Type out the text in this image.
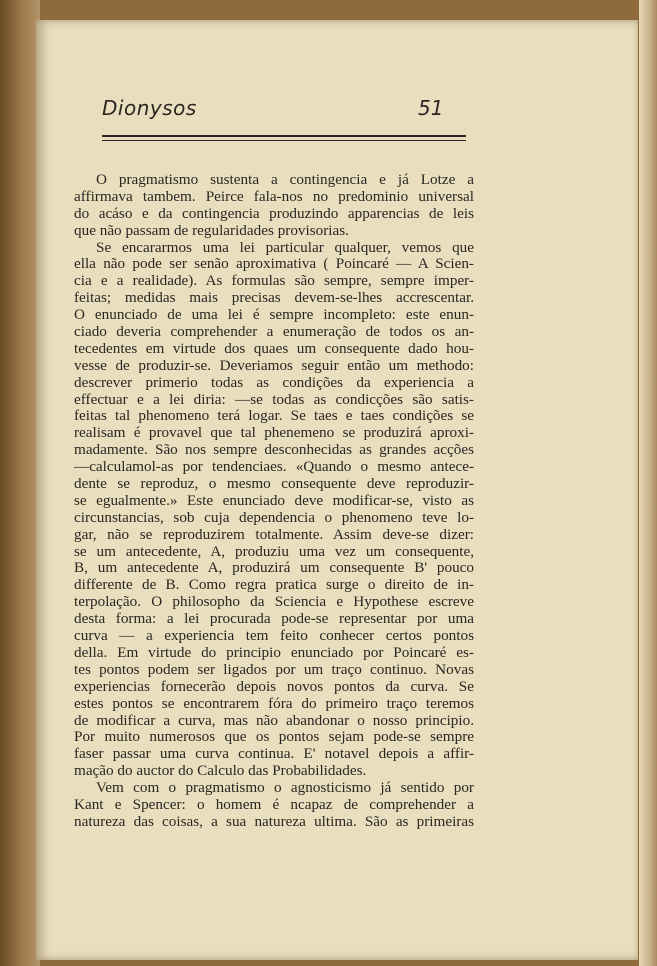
Dionysos	51
O pragmatismo sustenta a contingencia e já Lotze a
affirmava tambem. Peirce fala-nos no predominio universal
do acáso e da contingencia produzindo apparencias de leis
que não passam de regularidades provisorias.
Se encararmos uma lei particular qualquer, vemos que
ella não pode ser senão aproximativa ( Poincaré — A Scien-
cia e a realidade). As formulas são sempre, sempre imper-
feitas; medidas mais precisas devem-se-lhes accrescentar.
O enunciado de uma lei é sempre incompleto: este enun-
ciado deveria comprehender a enumeração de todos os an-
tecedentes em virtude dos quaes um consequente dado hou-
vesse de produzir-se. Deveriamos seguir então um methodo:
descrever primerio todas as condições da experiencia a
effectuar e a lei diria: —se todas as condicções são satis-
feitas tal phenomeno terá logar. Se taes e taes condições se
realisam é provavel que tal phenemeno se produzirá aproxi-
madamente. São nos sempre desconhecidas as grandes acções
—calculamol-as por tendenciaes. «Quando o mesmo antece-
dente se reproduz, o mesmo consequente deve reproduzir-
se egualmente.» Este enunciado deve modificar-se, visto as
circunstancias, sob cuja dependencia o phenomeno teve lo-
gar, não se reproduzirem totalmente. Assim deve-se dizer:
se um antecedente, A, produziu uma vez um consequente,
B, um antecedente A, produzirá um consequente B' pouco
differente de B. Como regra pratica surge o direito de in-
terpolação. O philosopho da Sciencia e Hypothese escreve
desta forma: a lei procurada pode-se representar por uma
curva — a experiencia tem feito conhecer certos pontos
della. Em virtude do principio enunciado por Poincaré es-
tes pontos podem ser ligados por um traço continuo. Novas
experiencias fornecerão depois novos pontos da curva. Se
estes pontos se encontrarem fóra do primeiro traço teremos
de modificar a curva, mas não abandonar o nosso principio.
Por muito numerosos que os pontos sejam pode-se sempre
faser passar uma curva continua. E' notavel depois a affir-
mação do auctor do Calculo das Probabilidades.
Vem com o pragmatismo o agnosticismo já sentido por
Kant e Spencer: o homem é ncapaz de comprehender a
natureza das coisas, a sua natureza ultima. São as primeiras
